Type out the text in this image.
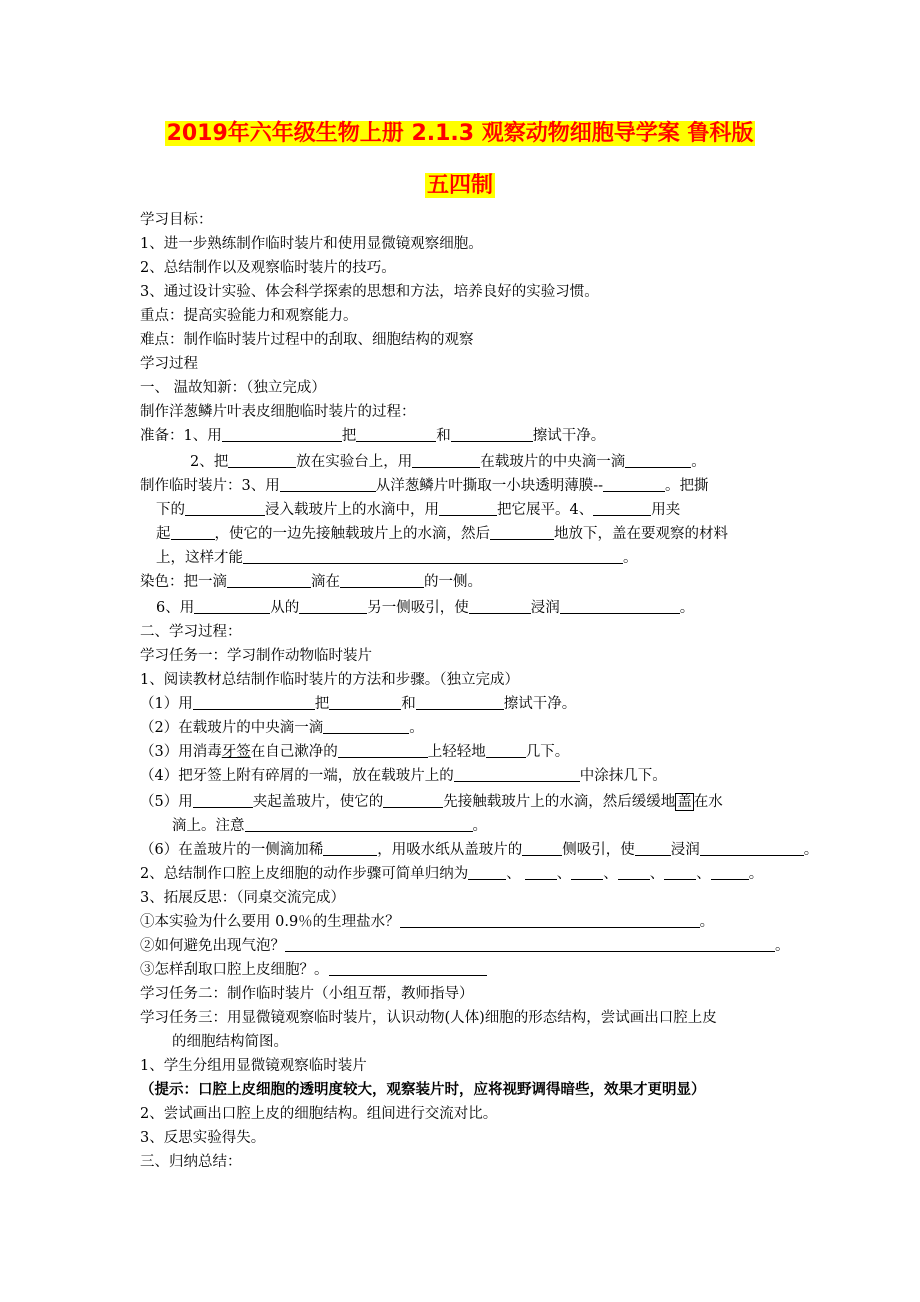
2019年六年级生物上册 2.1.3 观察动物细胞导学案 鲁科版
五四制
学习目标：
1、进一步熟练制作临时装片和使用显微镜观察细胞。
2、总结制作以及观察临时装片的技巧。
3、通过设计实验、体会科学探索的思想和方法，培养良好的实验习惯。
重点：提高实验能力和观察能力。
难点：制作临时装片过程中的刮取、细胞结构的观察
学习过程
一、 温故知新：（独立完成）
制作洋葱鳞片叶表皮细胞临时装片的过程：
准备：1、用	把	和	擦试干净。
2、把	放在实验台上，用	在载玻片的中央滴一滴	。
制作临时装片：3、用	从洋葱鳞片叶撕取一小块透明薄膜--	。把撕
下的	浸入载玻片上的水滴中，用	把它展平。4、	用夹
起	，使它的一边先接触载玻片上的水滴，然后	地放下，盖在要观察的材料
上，这样才能	。
染色：把一滴	滴在	的一侧。
6、用	从的	另一侧吸引，使	浸润	。
二、学习过程：
学习任务一：学习制作动物临时装片
1、阅读教材总结制作临时装片的方法和步骤。（独立完成）
（1）用	把	和	擦试干净。
（2）在载玻片的中央滴一滴	。
（3）用消毒牙签在自己漱净的	上轻轻地	几下。
（4）把牙签上附有碎屑的一端，放在载玻片上的	中涂抹几下。
（5）用	夹起盖玻片，使它的	先接触载玻片上的水滴，然后缓缓地 盖 在水
滴上。注意	。
（6）在盖玻片的一侧滴加稀	，用吸水纸从盖玻片的	侧吸引，使 浸润	。
2、总结制作口腔上皮细胞的动作步骤可简单归纳为	、 、 、 、 、	。
3、拓展反思：（同桌交流完成）
①本实验为什么要用 0.9％的生理盐水？	。
②如何避免出现气泡？	。
③怎样刮取口腔上皮细胞？。
学习任务二：制作临时装片（小组互帮，教师指导）
学习任务三：用显微镜观察临时装片，认识动物(人体)细胞的形态结构，尝试画出口腔上皮
的细胞结构简图。
1、学生分组用显微镜观察临时装片
（提示：口腔上皮细胞的透明度较大，观察装片时，应将视野调得暗些，效果才更明显）
2、尝试画出口腔上皮的细胞结构。组间进行交流对比。
3、反思实验得失。
三、归纳总结：
